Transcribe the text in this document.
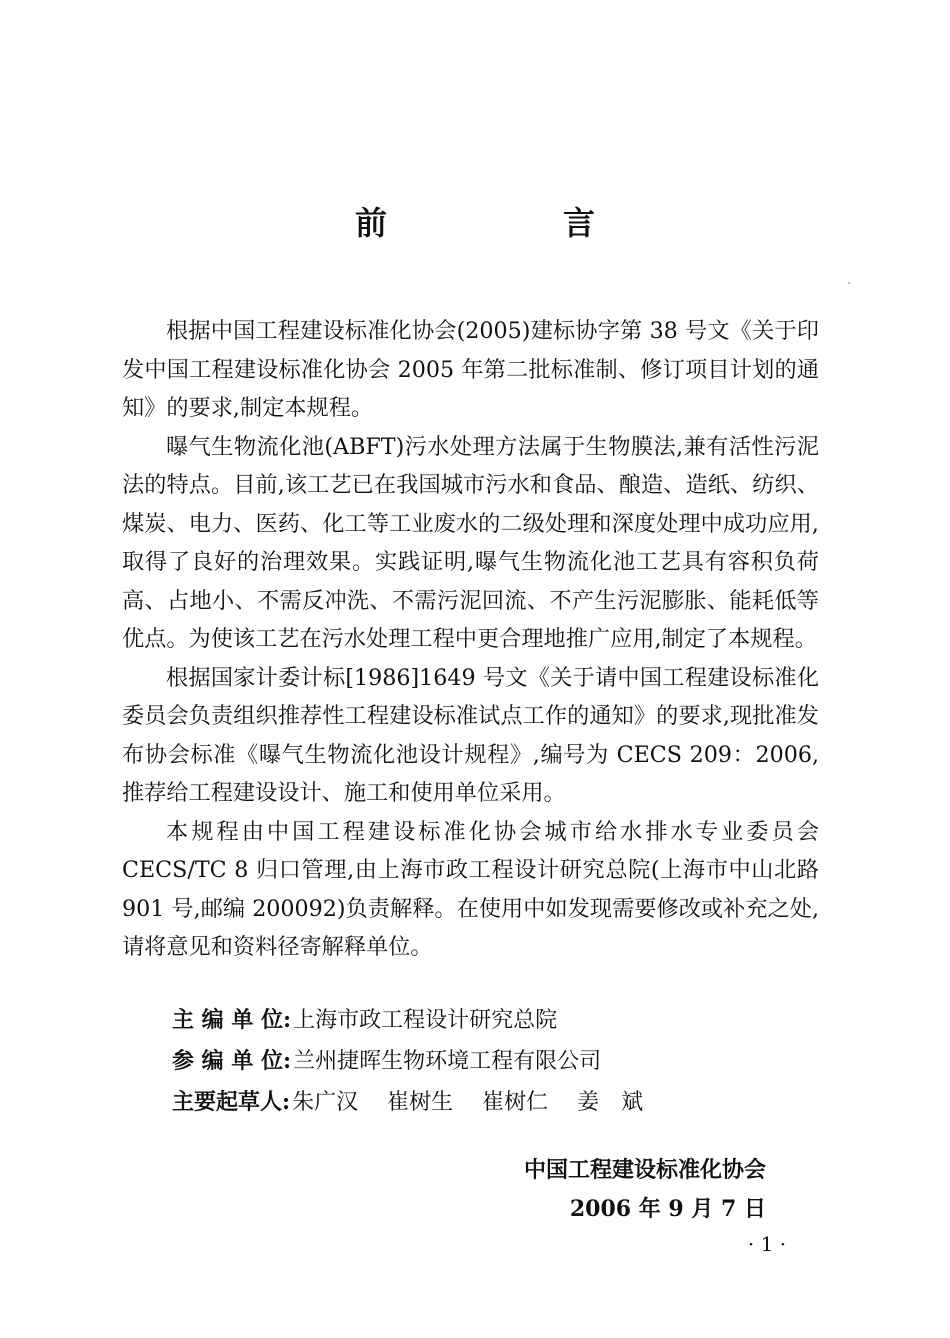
前　言

根据中国工程建设标准化协会(2005)建标协字第 38 号文《关于印发中国工程建设标准化协会 2005 年第二批标准制、修订项目计划的通知》的要求,制定本规程。

曝气生物流化池(ABFT)污水处理方法属于生物膜法,兼有活性污泥法的特点。目前,该工艺已在我国城市污水和食品、酿造、造纸、纺织、煤炭、电力、医药、化工等工业废水的二级处理和深度处理中成功应用,取得了良好的治理效果。实践证明,曝气生物流化池工艺具有容积负荷高、占地小、不需反冲洗、不需污泥回流、不产生污泥膨胀、能耗低等优点。为使该工艺在污水处理工程中更合理地推广应用,制定了本规程。

根据国家计委计标[1986]1649 号文《关于请中国工程建设标准化委员会负责组织推荐性工程建设标准试点工作的通知》的要求,现批准发布协会标准《曝气生物流化池设计规程》,编号为 CECS 209：2006,推荐给工程建设设计、施工和使用单位采用。

本规程由中国工程建设标准化协会城市给水排水专业委员会 CECS/TC 8 归口管理,由上海市政工程设计研究总院(上海市中山北路 901 号,邮编 200092)负责解释。在使用中如发现需要修改或补充之处,请将意见和资料径寄解释单位。

主 编 单 位:上海市政工程设计研究总院
参 编 单 位:兰州捷晖生物环境工程有限公司
主要起草人:朱广汉　 崔树生　 崔树仁　 姜　斌
中国工程建设标准化协会
2006 年 9 月 7 日
· 1 ·
